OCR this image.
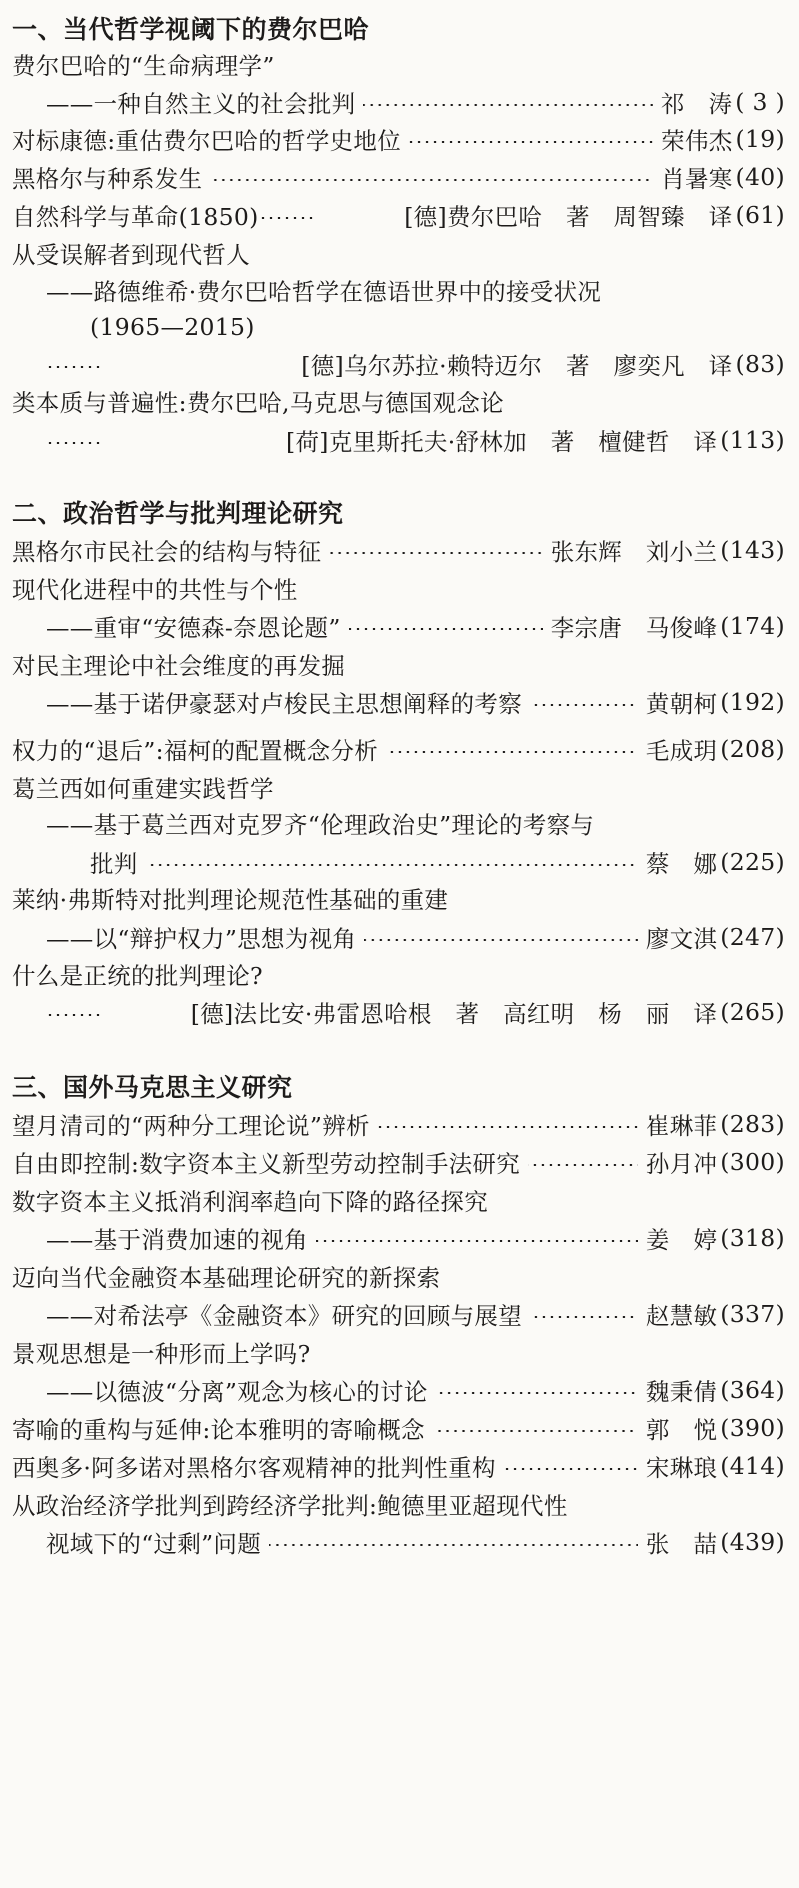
一、当代哲学视阈下的费尔巴哈
费尔巴哈的“生命病理学”
——一种自然主义的社会批判	祁　涛 ( 3 )
对标康德:重估费尔巴哈的哲学史地位	荣伟杰 (19)
黑格尔与种系发生	肖暑寒 (40)
自然科学与革命(1850)	[德]费尔巴哈　著　周智臻　译 (61)
从受误解者到现代哲人
——路德维希·费尔巴哈哲学在德语世界中的接受状况
(1965—2015)
[德]乌尔苏拉·赖特迈尔　著　廖奕凡　译 (83)
类本质与普遍性:费尔巴哈,马克思与德国观念论
[荷]克里斯托夫·舒林加　著　檀健哲　译 (113)
二、政治哲学与批判理论研究
黑格尔市民社会的结构与特征	张东辉　刘小兰 (143)
现代化进程中的共性与个性
——重审“安德森-奈恩论题”	李宗唐　马俊峰 (174)
对民主理论中社会维度的再发掘
——基于诺伊豪瑟对卢梭民主思想阐释的考察	黄朝柯 (192)
权力的“退后”:福柯的配置概念分析	毛成玥 (208)
葛兰西如何重建实践哲学
——基于葛兰西对克罗齐“伦理政治史”理论的考察与
批判	蔡　娜 (225)
莱纳·弗斯特对批判理论规范性基础的重建
——以“辩护权力”思想为视角	廖文淇 (247)
什么是正统的批判理论?
[德]法比安·弗雷恩哈根　著　高红明　杨　丽　译 (265)
三、国外马克思主义研究
望月清司的“两种分工理论说”辨析	崔琳菲 (283)
自由即控制:数字资本主义新型劳动控制手法研究	孙月冲 (300)
数字资本主义抵消利润率趋向下降的路径探究
——基于消费加速的视角	姜　婷 (318)
迈向当代金融资本基础理论研究的新探索
——对希法亭《金融资本》研究的回顾与展望	赵慧敏 (337)
景观思想是一种形而上学吗?
——以德波“分离”观念为核心的讨论	魏秉倩 (364)
寄喻的重构与延伸:论本雅明的寄喻概念	郭　悦 (390)
西奥多·阿多诺对黑格尔客观精神的批判性重构	宋琳琅 (414)
从政治经济学批判到跨经济学批判:鲍德里亚超现代性
视域下的“过剩”问题	张　喆 (439)
